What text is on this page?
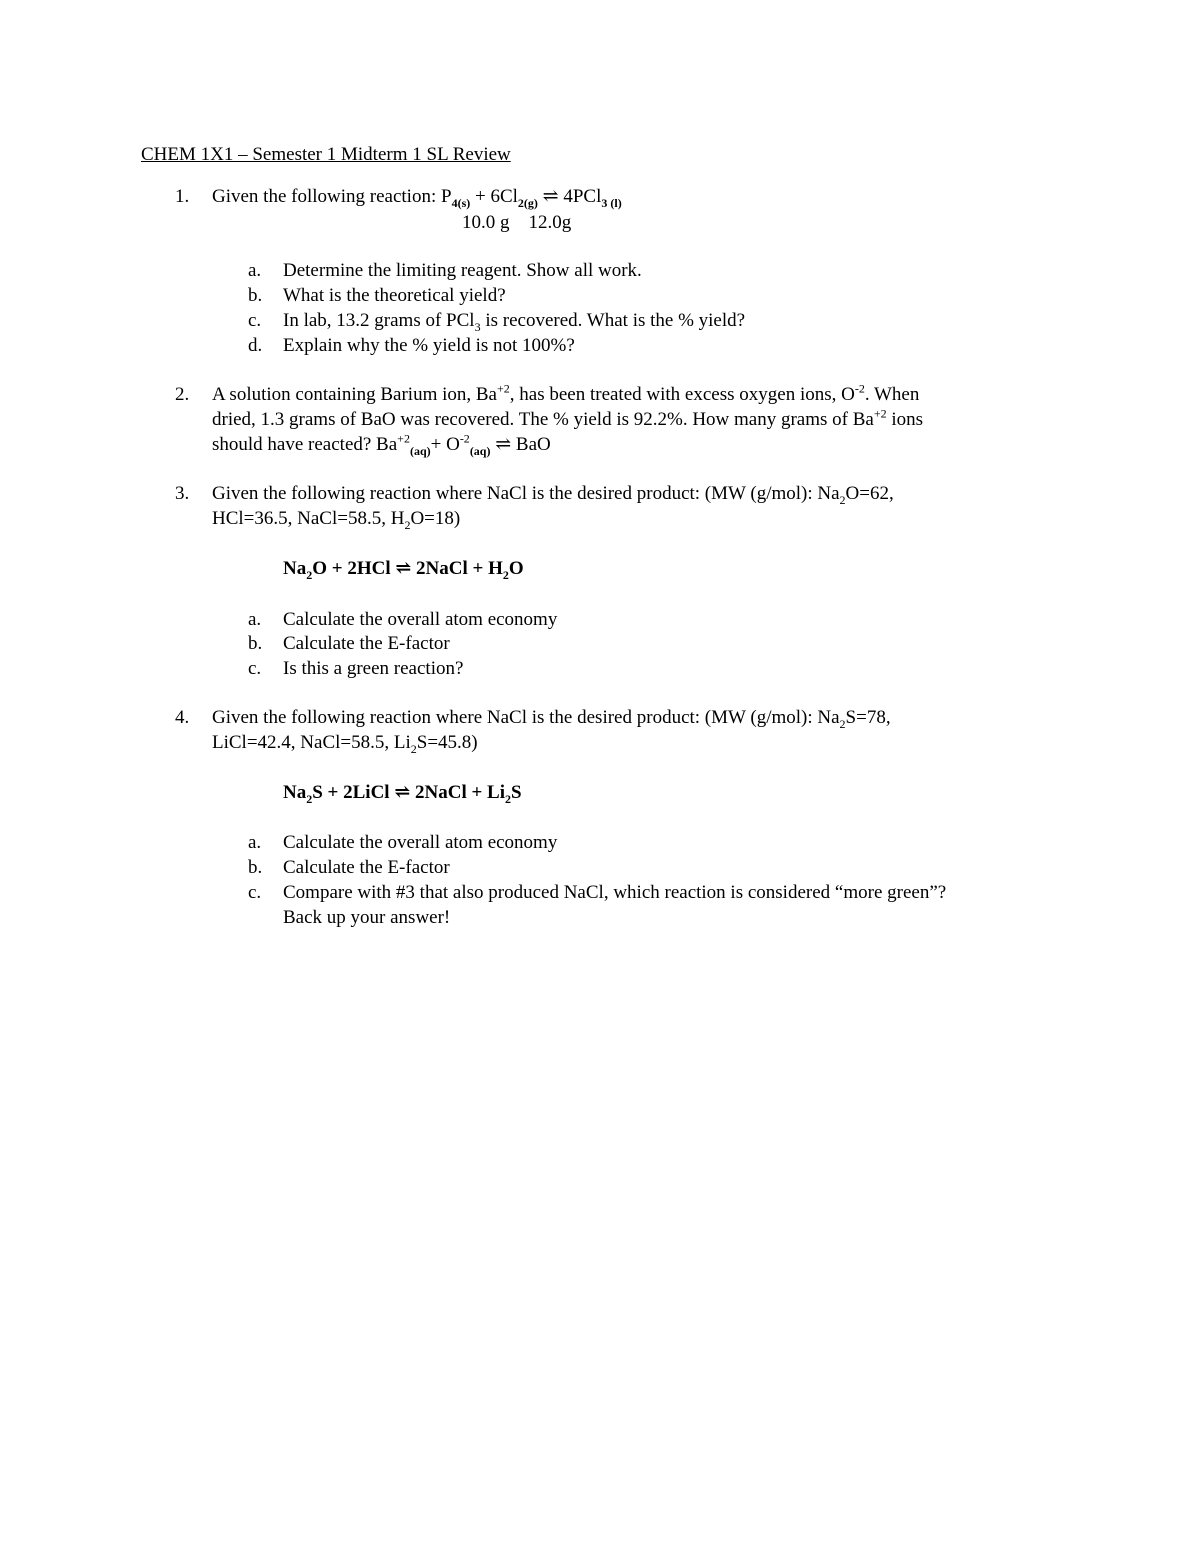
CHEM 1X1 – Semester 1 Midterm 1 SL Review
1.	Given the following reaction: $P_{4(s)} + 6Cl_{2(g)}$ ⇌ 4PCl$_{3 (l)}$
10.0 g    12.0g
a. Determine the limiting reagent. Show all work.
b. What is the theoretical yield?
c. In lab, 13.2 grams of PCl$_3$ is recovered. What is the % yield?
d. Explain why the % yield is not 100%?
2.	A solution containing Barium ion, $Ba^{+2}$, has been treated with excess oxygen ions, $O^{-2}$. When
dried, 1.3 grams of BaO was recovered. The % yield is 92.2%. How many grams of $Ba^{+2}$ ions
should have reacted? $Ba^{+2}_{(aq)}+ O^{-2}_{(aq)}$ ⇌ BaO
3.	Given the following reaction where NaCl is the desired product: (MW (g/mol): $Na_2O=62$,
HCl=36.5, NaCl=58.5, $H_2O=18$)
$Na_2O + 2HCl$ ⇌ 2NaCl + $H_2O$
a. Calculate the overall atom economy
b. Calculate the E-factor
c. Is this a green reaction?
4.	Given the following reaction where NaCl is the desired product: (MW (g/mol): $Na_2S=78$,
LiCl=42.4, NaCl=58.5, $Li_2S=45.8$)
$Na_2S$ + 2LiCl ⇌ 2NaCl + $Li_2S$
a. Calculate the overall atom economy
b. Calculate the E-factor
c. Compare with #3 that also produced NaCl, which reaction is considered “more green”?
Back up your answer!
